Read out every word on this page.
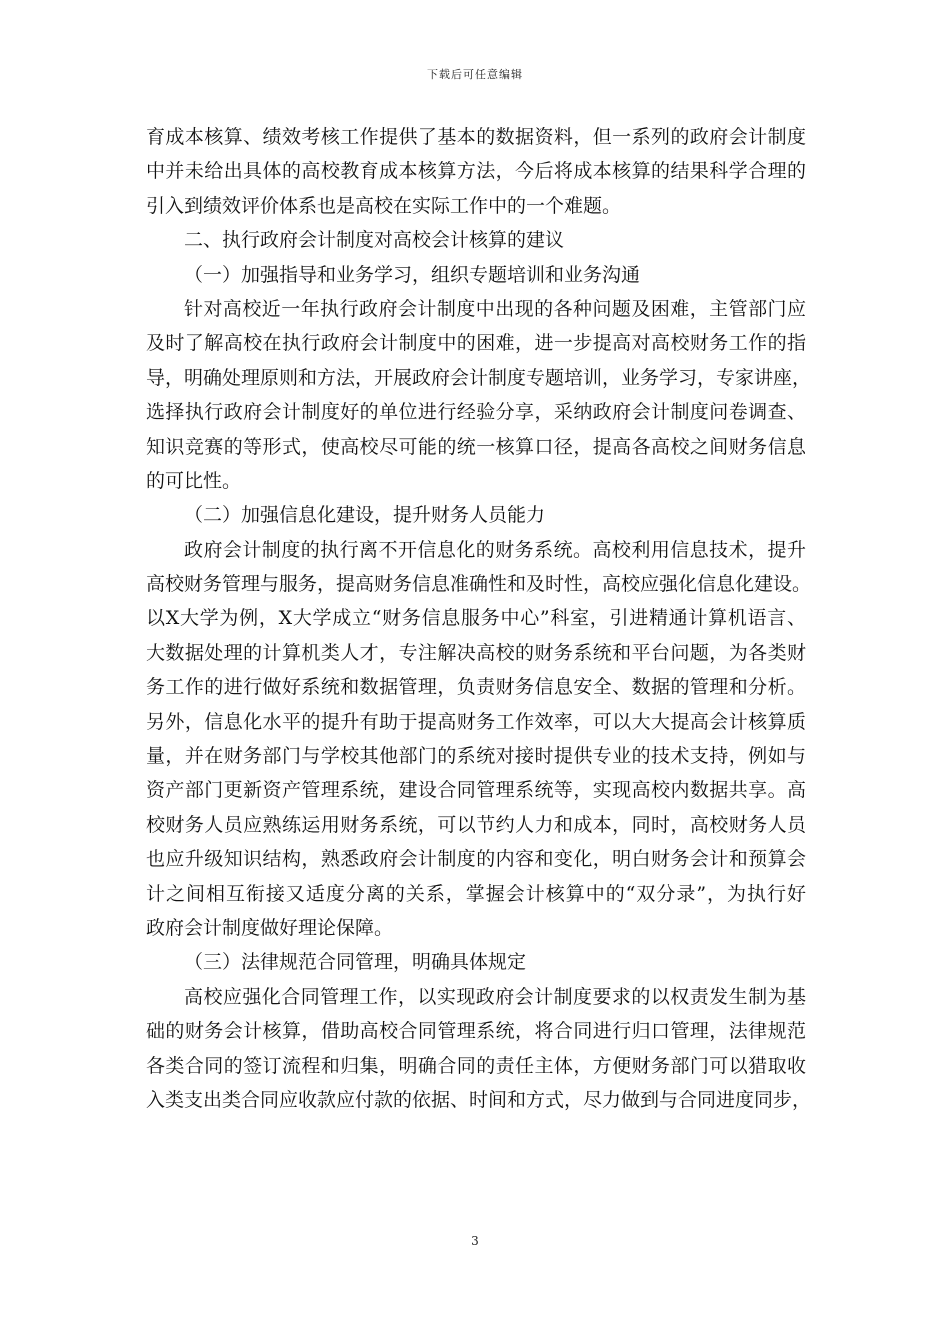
下载后可任意编辑
育成本核算、绩效考核工作提供了基本的数据资料，但一系列的政府会计制度
中并未给出具体的高校教育成本核算方法，今后将成本核算的结果科学合理的
引入到绩效评价体系也是高校在实际工作中的一个难题。
二、执行政府会计制度对高校会计核算的建议
（一）加强指导和业务学习，组织专题培训和业务沟通
针对高校近一年执行政府会计制度中出现的各种问题及困难，主管部门应
及时了解高校在执行政府会计制度中的困难，进一步提高对高校财务工作的指
导，明确处理原则和方法，开展政府会计制度专题培训，业务学习，专家讲座，
选择执行政府会计制度好的单位进行经验分享，采纳政府会计制度问卷调查、
知识竞赛的等形式，使高校尽可能的统一核算口径，提高各高校之间财务信息
的可比性。
（二）加强信息化建设，提升财务人员能力
政府会计制度的执行离不开信息化的财务系统。高校利用信息技术，提升
高校财务管理与服务，提高财务信息准确性和及时性，高校应强化信息化建设。
以X大学为例，X大学成立“财务信息服务中心”科室，引进精通计算机语言、
大数据处理的计算机类人才，专注解决高校的财务系统和平台问题，为各类财
务工作的进行做好系统和数据管理，负责财务信息安全、数据的管理和分析。
另外，信息化水平的提升有助于提高财务工作效率，可以大大提高会计核算质
量，并在财务部门与学校其他部门的系统对接时提供专业的技术支持，例如与
资产部门更新资产管理系统，建设合同管理系统等，实现高校内数据共享。高
校财务人员应熟练运用财务系统，可以节约人力和成本，同时，高校财务人员
也应升级知识结构，熟悉政府会计制度的内容和变化，明白财务会计和预算会
计之间相互衔接又适度分离的关系，掌握会计核算中的“双分录”，为执行好
政府会计制度做好理论保障。
（三）法律规范合同管理，明确具体规定
高校应强化合同管理工作，以实现政府会计制度要求的以权责发生制为基
础的财务会计核算，借助高校合同管理系统，将合同进行归口管理，法律规范
各类合同的签订流程和归集，明确合同的责任主体，方便财务部门可以猎取收
入类支出类合同应收款应付款的依据、时间和方式，尽力做到与合同进度同步，
3
